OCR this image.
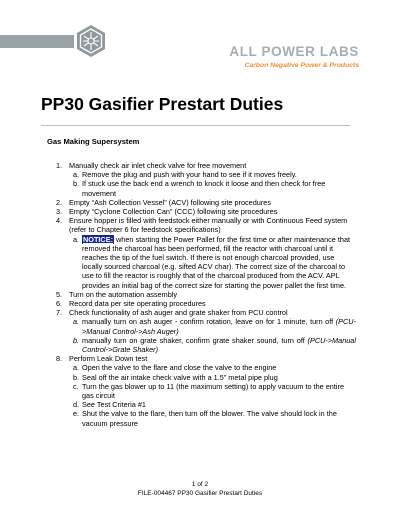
ALL POWER LABS
Carbon Negative Power & Products
PP30 Gasifier Prestart Duties
Gas Making Supersystem
1. Manually check air inlet check valve for free movement
a. Remove the plug and push with your hand to see if it moves freely.
b. If stuck use the back end a wrench to knock it loose and then check for free movement
2. Empty “Ash Collection Vessel” (ACV) following site procedures
3. Empty “Cyclone Collection Can” (CCC) following site procedures
4. Ensure hopper is filled with feedstock either manually or with Continuous Feed system (refer to Chapter 6 for feedstock specifications)
a. NOTICE: when starting the Power Pallet for the first time or after maintenance that removed the charcoal has been performed, fill the reactor with charcoal until it reaches the tip of the fuel switch. If there is not enough charcoal provided, use locally sourced charcoal (e.g. sifted ACV char). The correct size of the charcoal to use to fill the reactor is roughly that of the charcoal produced from the ACV. APL provides an initial bag of the correct size for starting the power pallet the first time.
5. Turn on the automation assembly
6. Record data per site operating procedures
7. Check functionality of ash auger and grate shaker from PCU control
a. manually turn on ash auger - confirm rotation, leave on for 1 minute, turn off (PCU->Manual Control->Ash Auger)
b. manually turn on grate shaker, confirm grate shaker sound, turn off (PCU->Manual Control->Grate Shaker)
8. Perform Leak Down test
a. Open the valve to the flare and close the valve to the engine
b. Seal off the air intake check valve with a 1.5” metal pipe plug
c. Turn the gas blower up to 11 (the maximum setting) to apply vacuum to the entire gas circuit
d. See Test Criteria #1
e. Shut the valve to the flare, then turn off the blower. The valve should lock in the vacuum pressure
1 of 2
FILE-004467 PP30 Gasifier Prestart Duties
